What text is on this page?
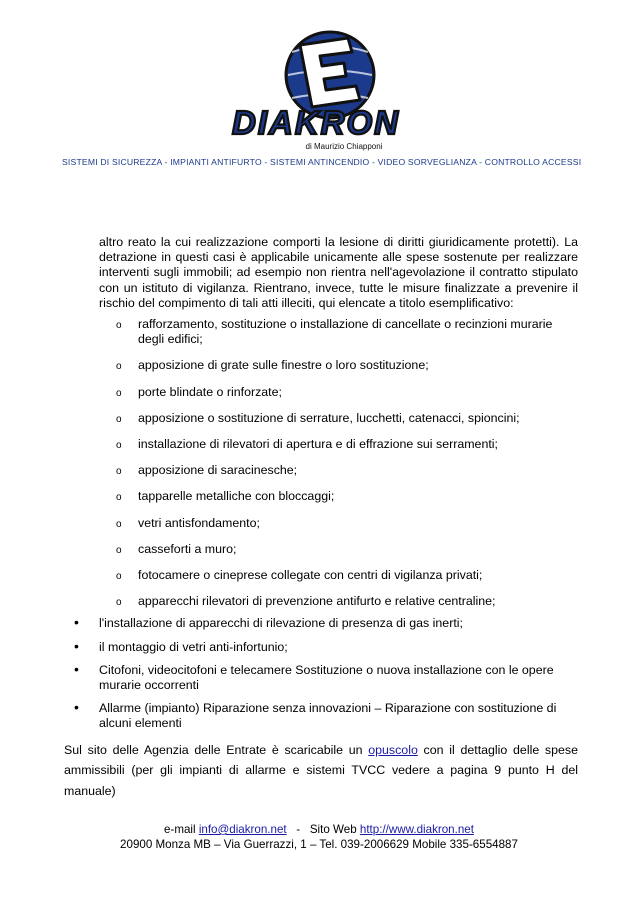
DIAKRON
di Maurizio Chiapponi
SISTEMI DI SICUREZZA - IMPIANTI ANTIFURTO - SISTEMI ANTINCENDIO - VIDEO SORVEGLIANZA - CONTROLLO ACCESSI
altro reato la cui realizzazione comporti la lesione di diritti giuridicamente protetti). La detrazione in questi casi è applicabile unicamente alle spese sostenute per realizzare interventi sugli immobili; ad esempio non rientra nell'agevolazione il contratto stipulato con un istituto di vigilanza. Rientrano, invece, tutte le misure finalizzate a prevenire il rischio del compimento di tali atti illeciti, qui elencate a titolo esemplificativo:
o rafforzamento, sostituzione o installazione di cancellate o recinzioni murarie degli edifici;
o apposizione di grate sulle finestre o loro sostituzione;
o porte blindate o rinforzate;
o apposizione o sostituzione di serrature, lucchetti, catenacci, spioncini;
o installazione di rilevatori di apertura e di effrazione sui serramenti;
o apposizione di saracinesche;
o tapparelle metalliche con bloccaggi;
o vetri antisfondamento;
o casseforti a muro;
o fotocamere o cineprese collegate con centri di vigilanza privati;
o apparecchi rilevatori di prevenzione antifurto e relative centraline;
• l'installazione di apparecchi di rilevazione di presenza di gas inerti;
• il montaggio di vetri anti-infortunio;
• Citofoni, videocitofoni e telecamere Sostituzione o nuova installazione con le opere murarie occorrenti
• Allarme (impianto) Riparazione senza innovazioni – Riparazione con sostituzione di alcuni elementi
Sul sito delle Agenzia delle Entrate è scaricabile un opuscolo con il dettaglio delle spese ammissibili (per gli impianti di allarme e sistemi TVCC vedere a pagina 9 punto H del manuale)
e-mail info@diakron.net   -   Sito Web http://www.diakron.net
20900 Monza MB – Via Guerrazzi, 1 – Tel. 039-2006629 Mobile 335-6554887
